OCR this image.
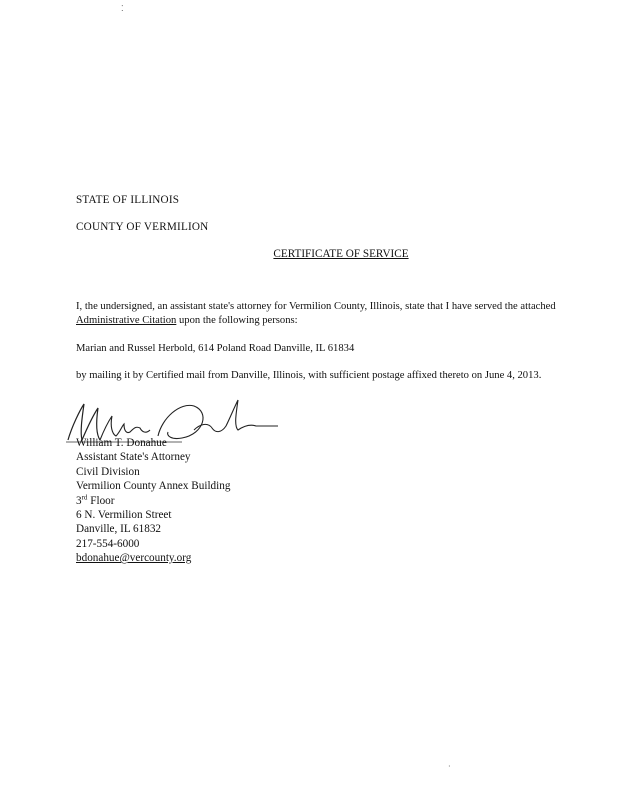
⁚
·
STATE OF ILLINOIS
COUNTY OF VERMILION
CERTIFICATE OF SERVICE
I, the undersigned, an assistant state's attorney for Vermilion County, Illinois, state that I have served the attached Administrative Citation upon the following persons:
Marian and Russel Herbold, 614 Poland Road Danville, IL 61834
by mailing it by Certified mail from Danville, Illinois, with sufficient postage affixed thereto on June 4, 2013.
William T. Donahue
Assistant State's Attorney
Civil Division
Vermilion County Annex Building
3rd Floor
6 N. Vermilion Street
Danville, IL 61832
217-554-6000
bdonahue@vercounty.org
